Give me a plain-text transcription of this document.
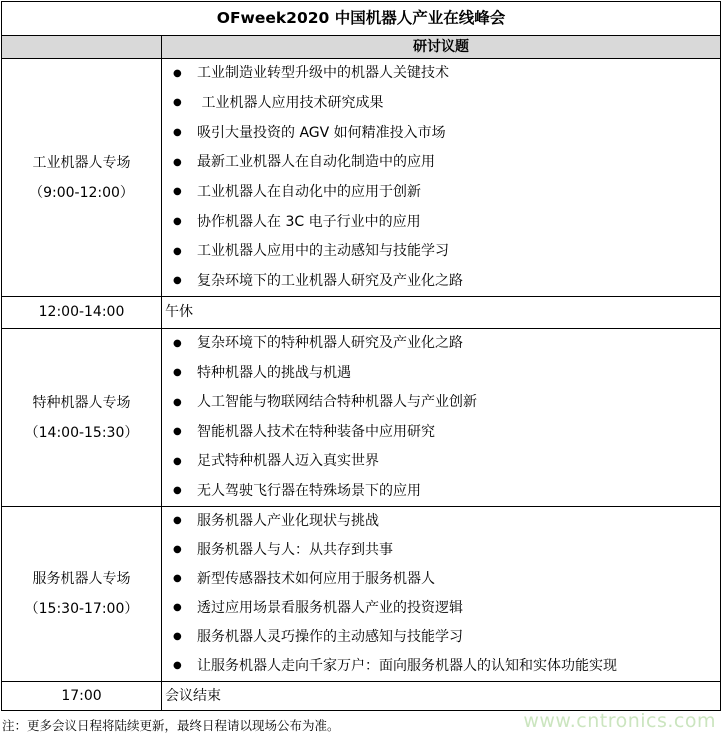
OFweek2020 中国机器人产业在线峰会	
	研讨议题

工业机器人专场
（9:00-12:00）

●	工业制造业转型升级中的机器人关键技术
●	工业机器人应用技术研究成果
●	吸引大量投资的 AGV 如何精准投入市场
●	最新工业机器人在自动化制造中的应用
●	工业机器人在自动化中的应用于创新
●	协作机器人在 3C 电子行业中的应用
●	工业机器人应用中的主动感知与技能学习
●	复杂环境下的工业机器人研究及产业化之路

12:00-14:00	午休

特种机器人专场
（14:00-15:30）

●	复杂环境下的特种机器人研究及产业化之路
●	特种机器人的挑战与机遇
●	人工智能与物联网结合特种机器人与产业创新
●	智能机器人技术在特种装备中应用研究
●	足式特种机器人迈入真实世界
●	无人驾驶飞行器在特殊场景下的应用

服务机器人专场
（15:30-17:00）

●	服务机器人产业化现状与挑战
●	服务机器人与人：从共存到共事
●	新型传感器技术如何应用于服务机器人
●	透过应用场景看服务机器人产业的投资逻辑
●	服务机器人灵巧操作的主动感知与技能学习
●	让服务机器人走向千家万户：面向服务机器人的认知和实体功能实现

17:00	会议结束
注：更多会议日程将陆续更新，最终日程请以现场公布为准。	www.cntronics.com
